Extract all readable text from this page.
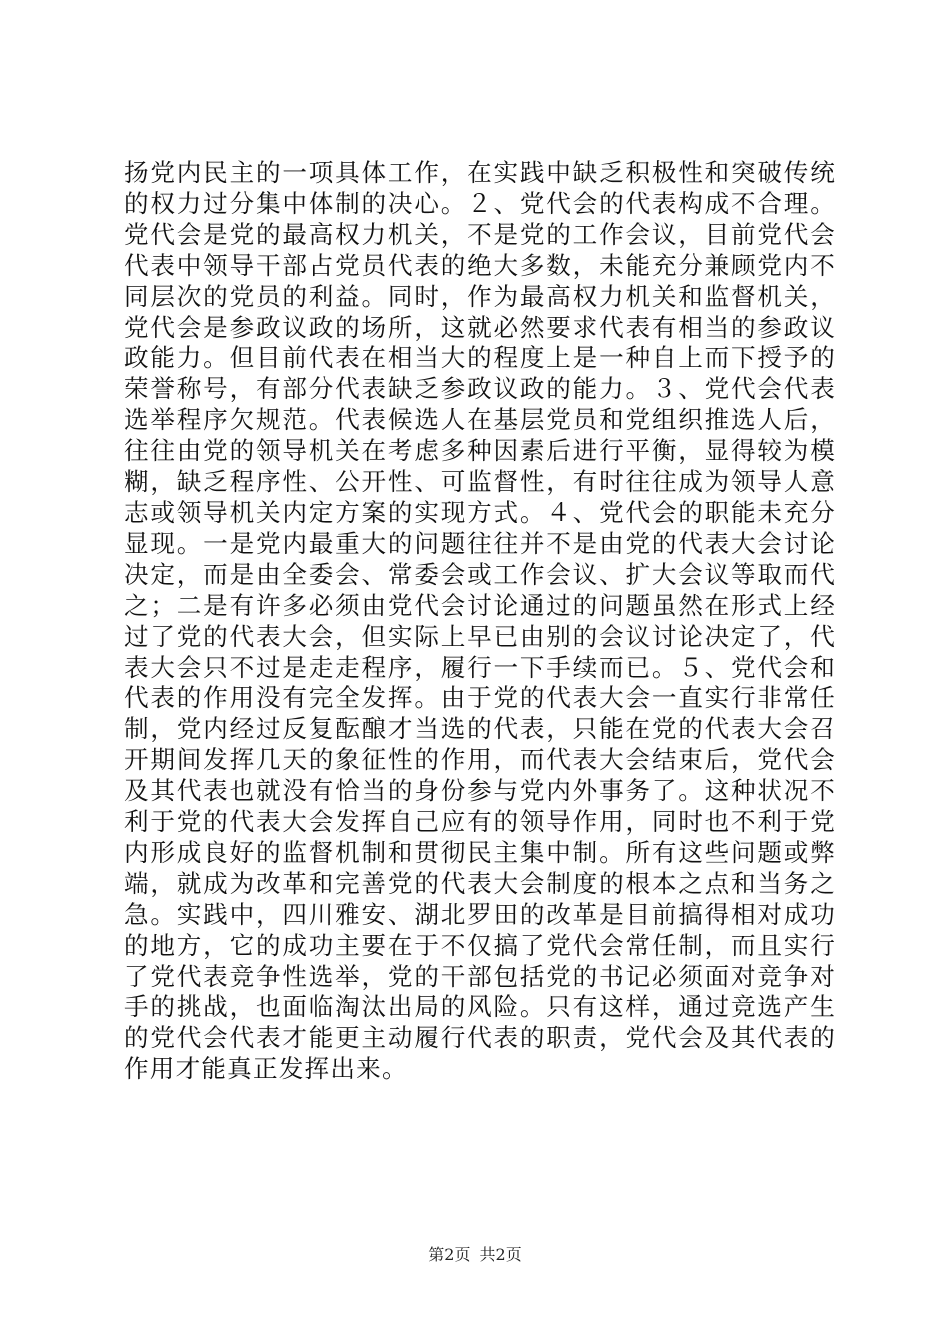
扬党内民主的一项具体工作，在实践中缺乏积极性和突破传统的权力过分集中体制的决心。２、党代会的代表构成不合理。党代会是党的最高权力机关，不是党的工作会议，目前党代会代表中领导干部占党员代表的绝大多数，未能充分兼顾党内不同层次的党员的利益。同时，作为最高权力机关和监督机关，党代会是参政议政的场所，这就必然要求代表有相当的参政议政能力。但目前代表在相当大的程度上是一种自上而下授予的荣誉称号，有部分代表缺乏参政议政的能力。３、党代会代表选举程序欠规范。代表候选人在基层党员和党组织推选人后，往往由党的领导机关在考虑多种因素后进行平衡，显得较为模糊，缺乏程序性、公开性、可监督性，有时往往成为领导人意志或领导机关内定方案的实现方式。４、党代会的职能未充分显现。一是党内最重大的问题往往并不是由党的代表大会讨论决定，而是由全委会、常委会或工作会议、扩大会议等取而代之；二是有许多必须由党代会讨论通过的问题虽然在形式上经过了党的代表大会，但实际上早已由别的会议讨论决定了，代表大会只不过是走走程序，履行一下手续而已。５、党代会和代表的作用没有完全发挥。由于党的代表大会一直实行非常任制，党内经过反复酝酿才当选的代表，只能在党的代表大会召开期间发挥几天的象征性的作用，而代表大会结束后，党代会及其代表也就没有恰当的身份参与党内外事务了。这种状况不利于党的代表大会发挥自己应有的领导作用，同时也不利于党内形成良好的监督机制和贯彻民主集中制。所有这些问题或弊端，就成为改革和完善党的代表大会制度的根本之点和当务之急。实践中，四川雅安、湖北罗田的改革是目前搞得相对成功的地方，它的成功主要在于不仅搞了党代会常任制，而且实行了党代表竞争性选举，党的干部包括党的书记必须面对竞争对手的挑战，也面临淘汰出局的风险。只有这样，通过竞选产生的党代会代表才能更主动履行代表的职责，党代会及其代表的作用才能真正发挥出来。

第2页 共2页
